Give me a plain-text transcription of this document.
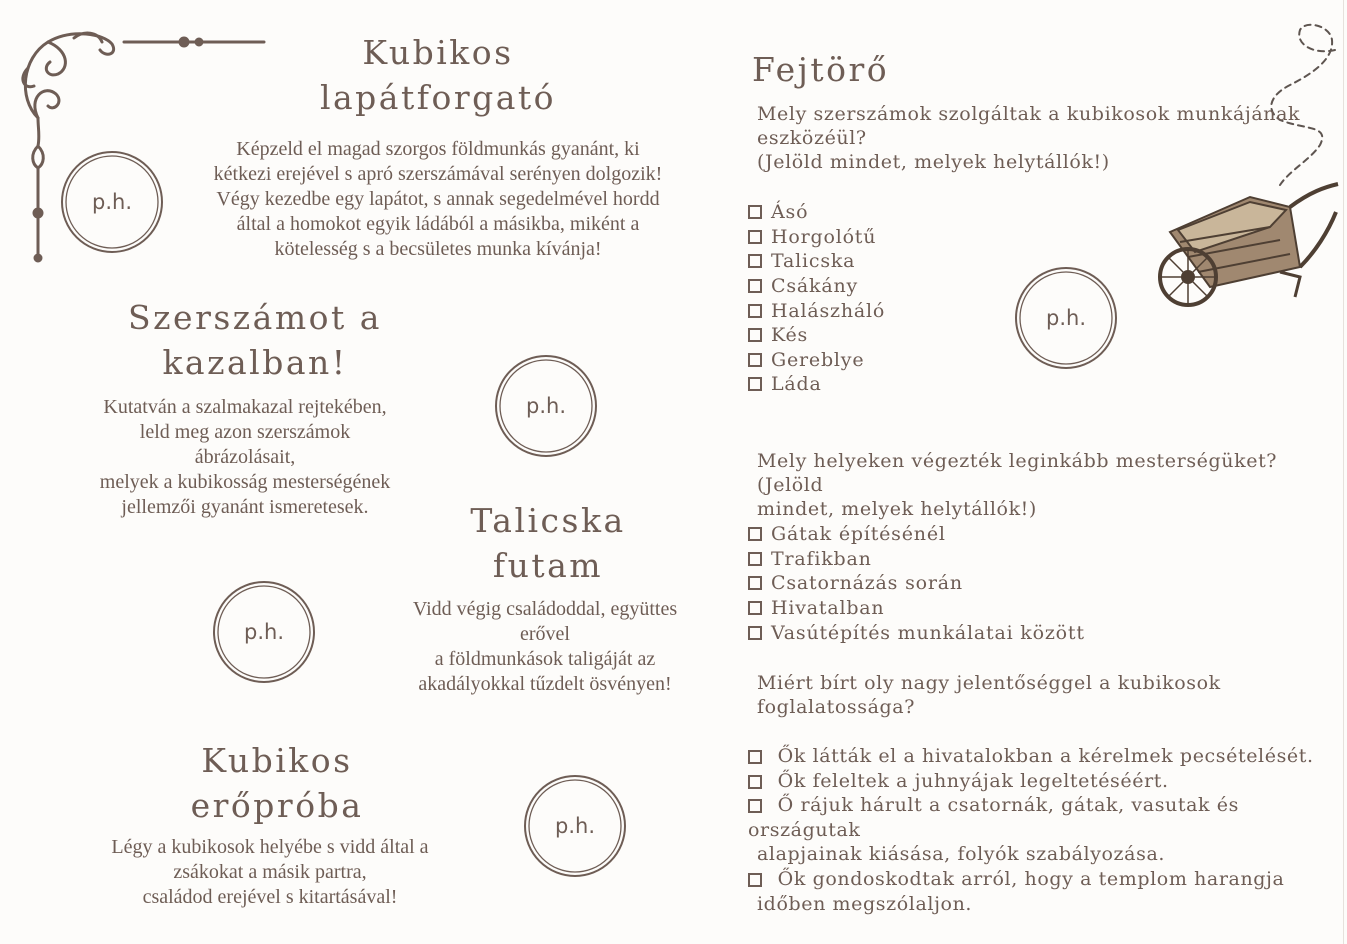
Kubikos
lapátforgató
Képzeld el magad szorgos földmunkás gyanánt, ki
kétkezi erejével s apró szerszámával serényen dolgozik!
Végy kezedbe egy lapátot, s annak segedelmével hordd
által a homokot egyik ládából a másikba, miként a
kötelesség s a becsületes munka kívánja!
Szerszámot a
kazalban!
Kutatván a szalmakazal rejtekében,
leld meg azon szerszámok
ábrázolásait,
melyek a kubikosság mesterségének
jellemzői gyanánt ismeretesek.	Talicska
futam
Vidd végig családoddal, együttes
erővel
a földmunkások taligáját az
akadályokkal tűzdelt ösvényen!
Kubikos
erőpróba
Légy a kubikosok helyébe s vidd által a
zsákokat a másik partra,
családod erejével s kitartásával!
p.h.
p.h.
p.h.
p.h.
p.h.
Fejtörő
Mely szerszámok szolgáltak a kubikosok munkájának
eszközéül?
(Jelöld mindet, melyek helytállók!)
Ásó
Horgolótű
Talicska
Csákány
Halászháló
Kés
Gereblye
Láda
Mely helyeken végezték leginkább mesterségüket? (Jelöld
mindet, melyek helytállók!)
Gátak építésénél
Trafikban
Csatornázás során
Hivatalban
Vasútépítés munkálatai között
Miért bírt oly nagy jelentőséggel a kubikosok
foglalatossága?
Ők látták el a hivatalokban a kérelmek pecsételését.
Ők feleltek a juhnyájak legeltetéséért.
Ő rájuk hárult a csatornák, gátak, vasutak és országutak
alapjainak kiásása, folyók szabályozása.
Ők gondoskodtak arról, hogy a templom harangja
időben megszólaljon.
